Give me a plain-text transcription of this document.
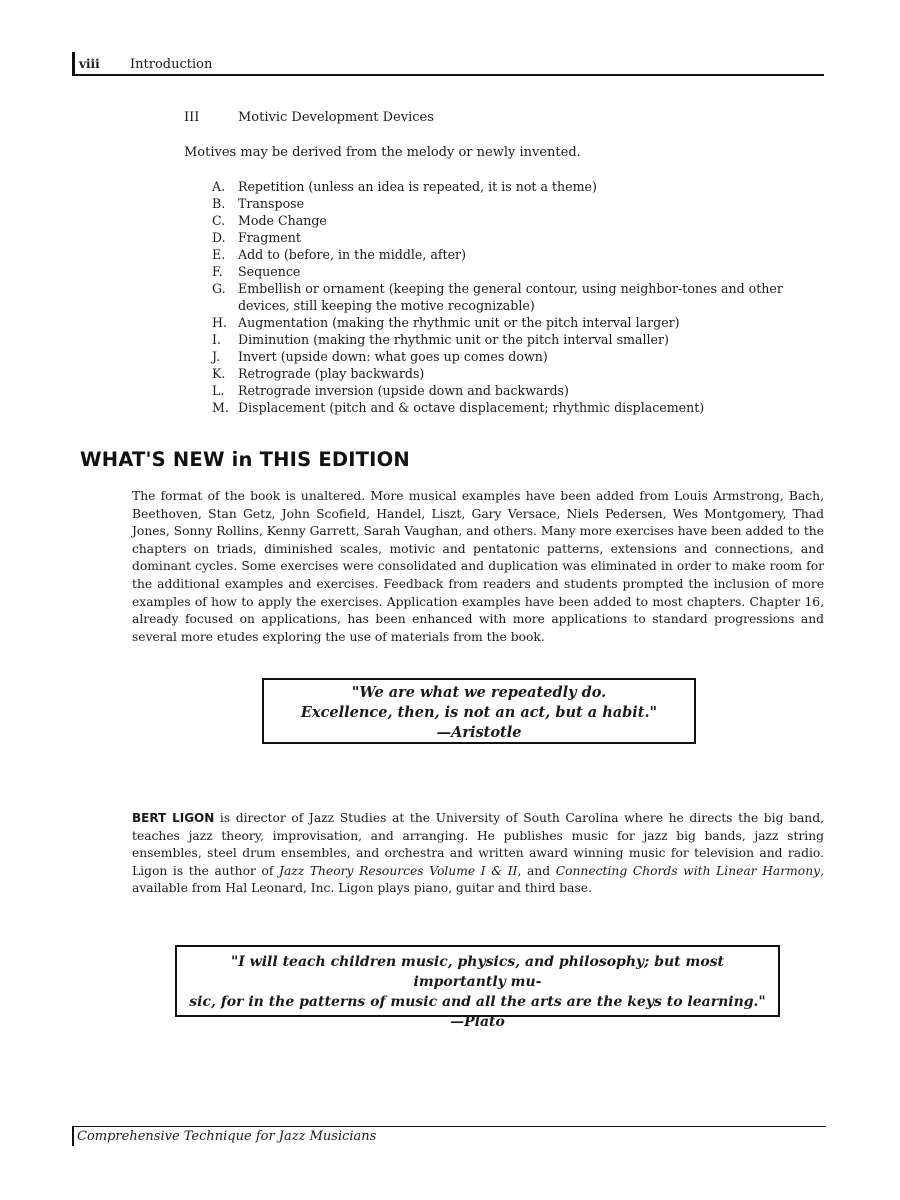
viii Introduction
III	Motivic Development Devices
Motives may be derived from the melody or newly invented.
A. Repetition (unless an idea is repeated, it is not a theme)
B. Transpose
C. Mode Change
D. Fragment
E. Add to (before, in the middle, after)
F. Sequence
G. Embellish or ornament (keeping the general contour, using neighbor-tones and other devices, still keeping the motive recognizable)
H. Augmentation (making the rhythmic unit or the pitch interval larger)
I. Diminution (making the rhythmic unit or the pitch interval smaller)
J. Invert (upside down: what goes up comes down)
K. Retrograde (play backwards)
L. Retrograde inversion (upside down and backwards)
M. Displacement (pitch and & octave displacement; rhythmic displacement)
WHAT'S NEW in THIS EDITION

The format of the book is unaltered. More musical examples have been added from Louis Armstrong, Bach, Beethoven, Stan Getz, John Scofield, Handel, Liszt, Gary Versace, Niels Pedersen, Wes Montgomery, Thad Jones, Sonny Rollins, Kenny Garrett, Sarah Vaughan, and others. Many more exercises have been added to the chapters on triads, diminished scales, motivic and pentatonic patterns, extensions and connections, and dominant cycles. Some exercises were consolidated and duplication was eliminated in order to make room for the additional examples and exercises. Feedback from readers and students prompted the inclusion of more examples of how to apply the exercises. Application examples have been added to most chapters. Chapter 16, already focused on applications, has been enhanced with more applications to standard progressions and several more etudes exploring the use of materials from the book.

"We are what we repeatedly do.
Excellence, then, is not an act, but a habit."
—Aristotle

BERT LIGON is director of Jazz Studies at the University of South Carolina where he directs the big band, teaches jazz theory, improvisation, and arranging. He publishes music for jazz big bands, jazz string ensembles, steel drum ensembles, and orchestra and written award winning music for television and radio. Ligon is the author of Jazz Theory Resources Volume I & II, and Connecting Chords with Linear Harmony, available from Hal Leonard, Inc. Ligon plays piano, guitar and third base.

"I will teach children music, physics, and philosophy; but most importantly mu-
sic, for in the patterns of music and all the arts are the keys to learning."
—Plato
Comprehensive Technique for Jazz Musicians
